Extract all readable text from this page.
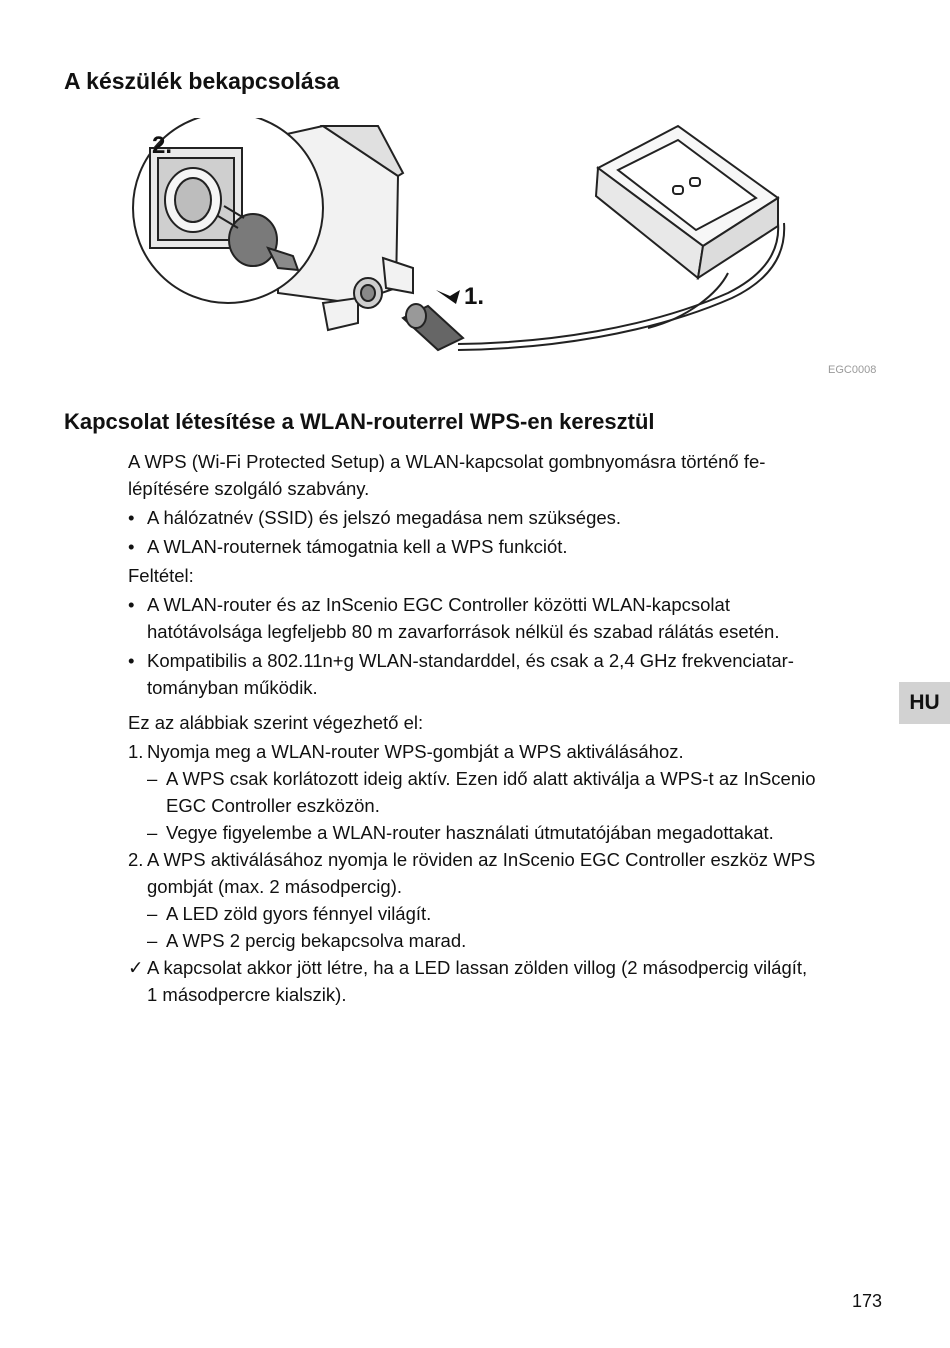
A készülék bekapcsolása
2.
1.
EGC0008
Kapcsolat létesítése a WLAN-routerrel WPS-en keresztül

A WPS (Wi-Fi Protected Setup) a WLAN-kapcsolat gombnyomásra történő fe-

lépítésére szolgáló szabvány.

• A hálózatnév (SSID) és jelszó megadása nem szükséges.

• A WLAN-routernek támogatnia kell a WPS funkciót.

Feltétel:

• A WLAN-router és az InScenio EGC Controller közötti WLAN-kapcsolat
hatótávolsága legfeljebb 80 m zavarforrások nélkül és szabad rálátás esetén.

• Kompatibilis a 802.11n+g WLAN-standarddel, és csak a 2,4 GHz frekvenciatar-
tományban működik.

Ez az alábbiak szerint végezhető el:

1. Nyomja meg a WLAN-router WPS-gombját a WPS aktiválásához.

– A WPS csak korlátozott ideig aktív. Ezen idő alatt aktiválja a WPS-t az InScenio
EGC Controller eszközön.

– Vegye figyelembe a WLAN-router használati útmutatójában megadottakat.

2. A WPS aktiválásához nyomja le röviden az InScenio EGC Controller eszköz WPS
gombját (max. 2 másodpercig).

– A LED zöld gyors fénnyel világít.

– A WPS 2 percig bekapcsolva marad.

✓ A kapcsolat akkor jött létre, ha a LED lassan zölden villog (2 másodpercig világít,
1 másodpercre kialszik).

HU
173
